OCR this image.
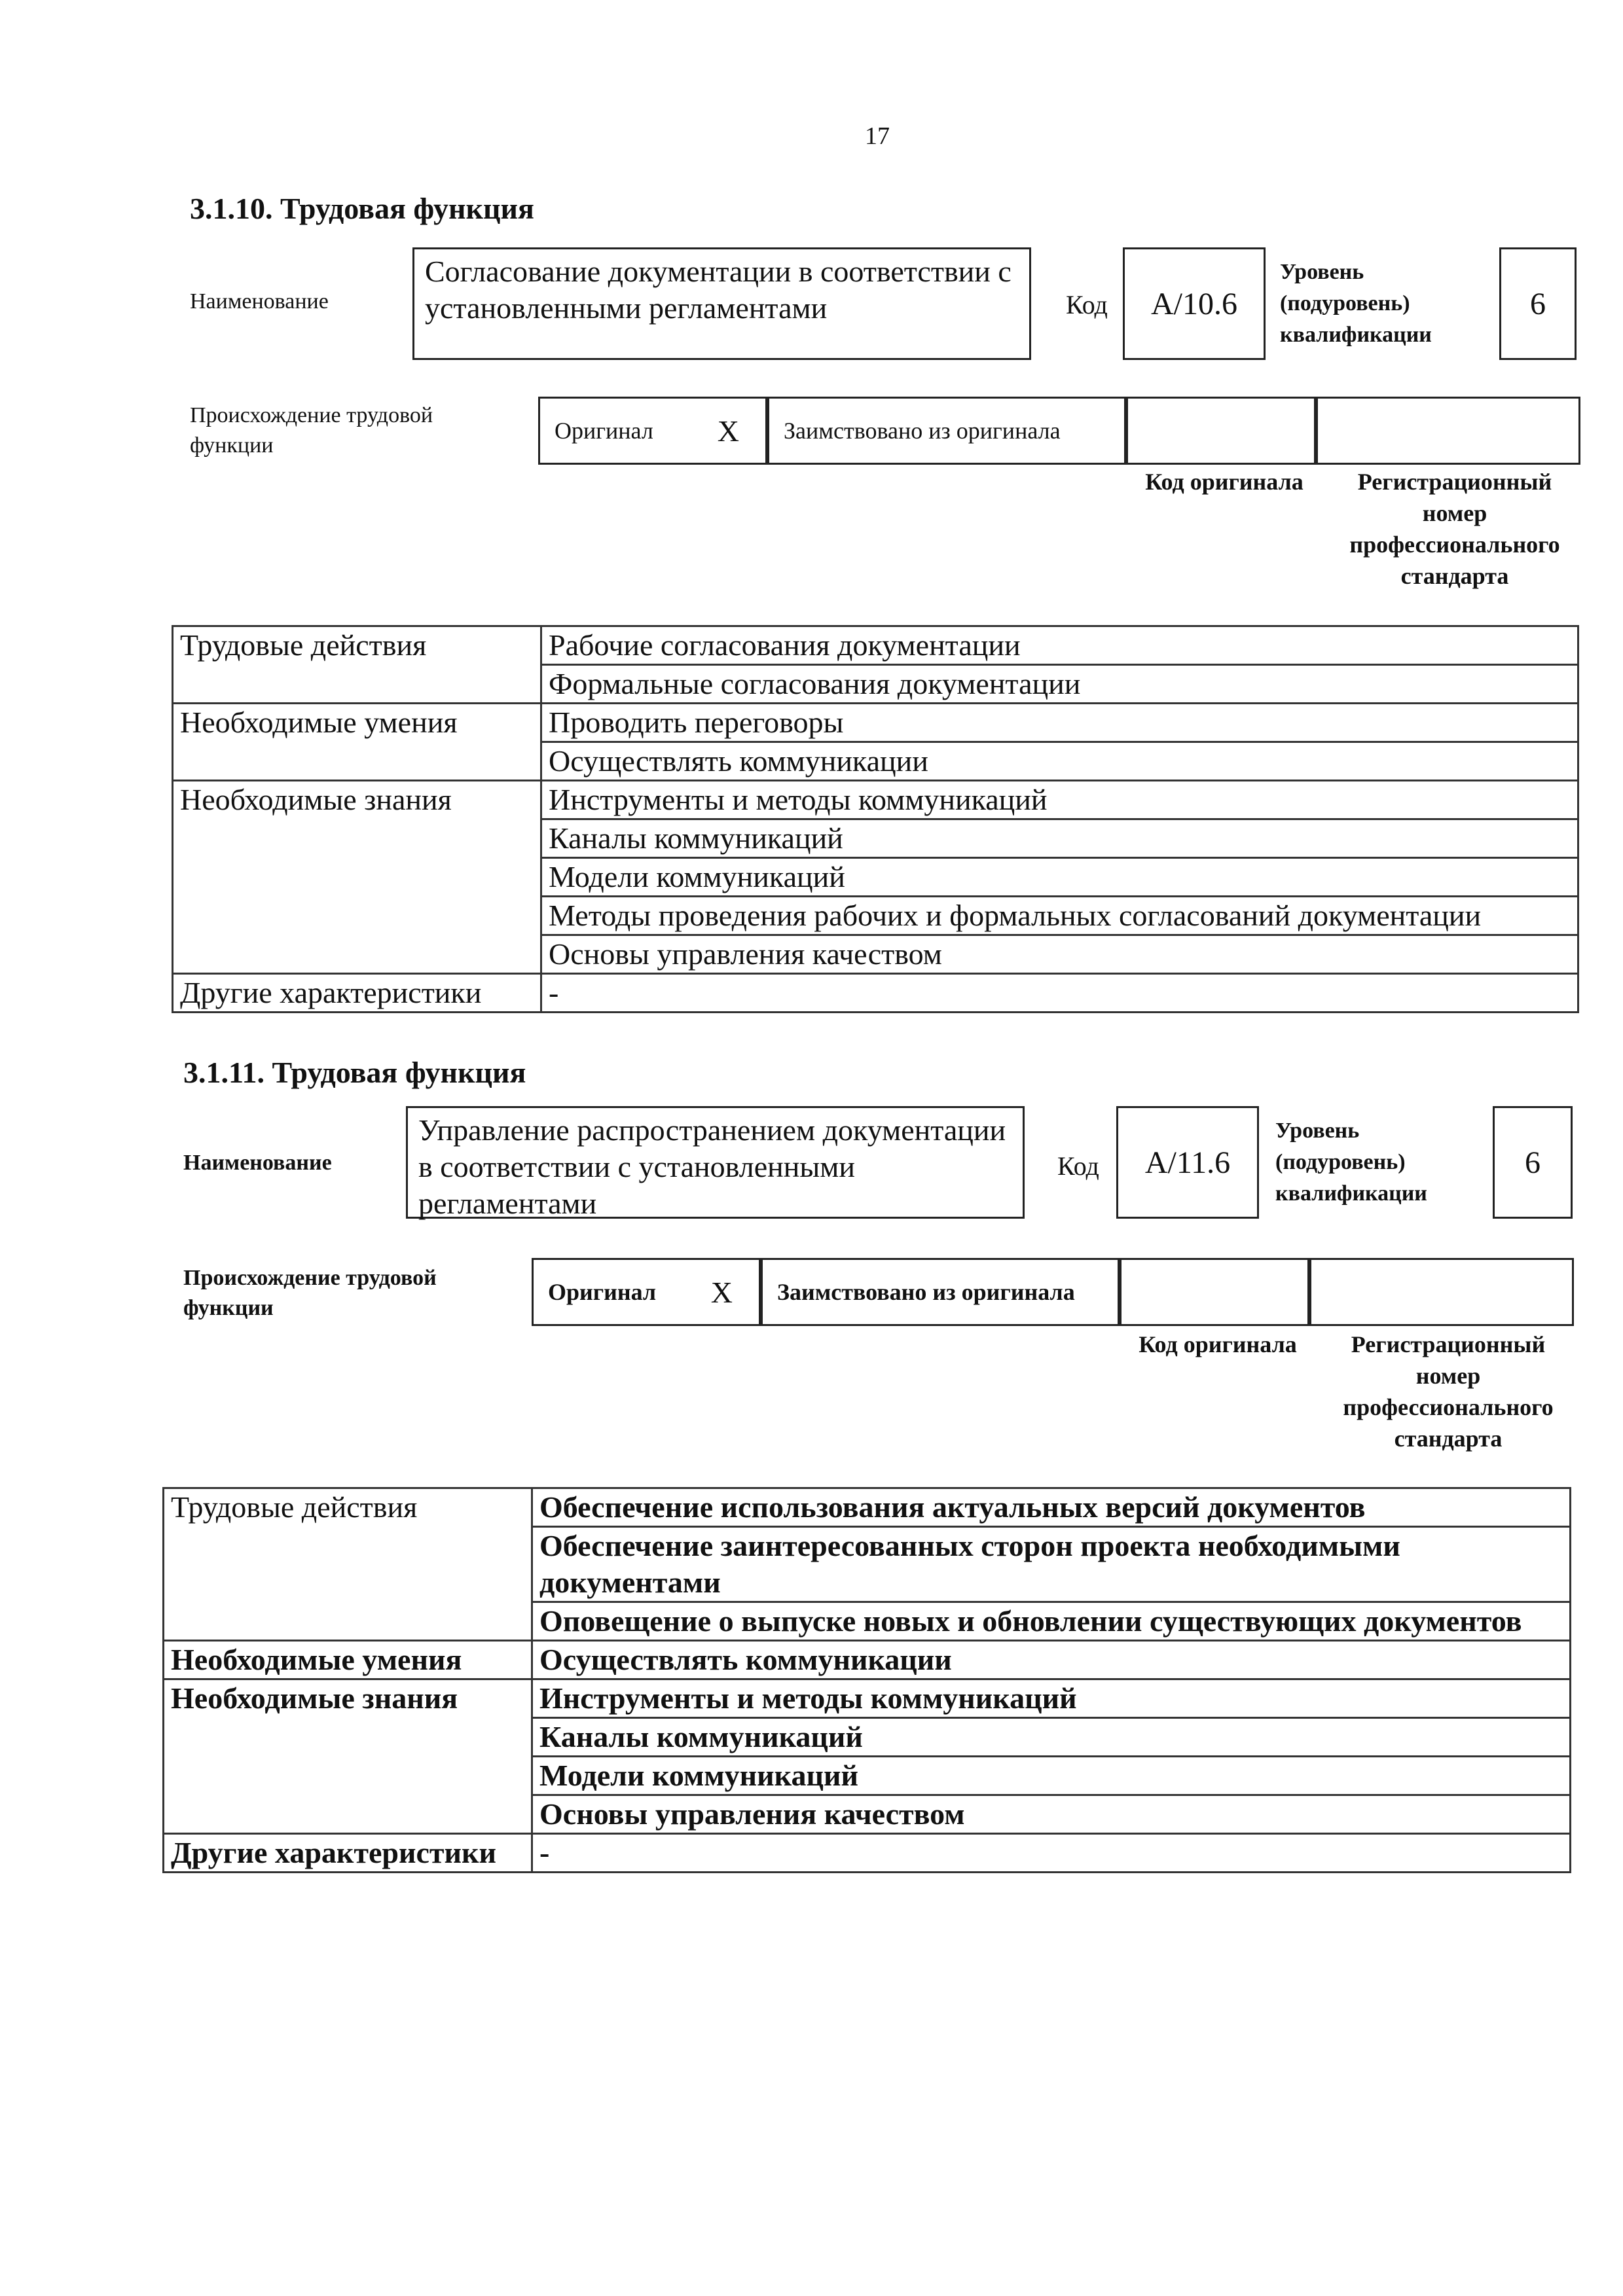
17
3.1.10. Трудовая функция
Наименование
Согласование документации в соответствии с установленными регламентами	Код А/10.6
Уровень (подуровень) квалификации
6
Происхождение трудовой функции
Оригинал X Заимствовано из оригинала
Код оригинала	Регистрационный номер профессионального стандарта
Трудовые действия	Рабочие согласования документации
	Формальные согласования документации
Необходимые умения	Проводить переговоры
	Осуществлять коммуникации
Необходимые знания	Инструменты и методы коммуникаций
	Каналы коммуникаций
	Модели коммуникаций
	Методы проведения рабочих и формальных согласований документации
	Основы управления качеством
Другие характеристики	-
3.1.11. Трудовая функция
Наименование
Управление распространением документации в соответствии с установленными регламентами
Код А/11.6
Уровень (подуровень) квалификации
6
Происхождение трудовой функции
Оригинал X Заимствовано из оригинала
Код оригинала	Регистрационный номер профессионального стандарта
Трудовые действия	Обеспечение использования актуальных версий документов
	Обеспечение заинтересованных сторон проекта необходимыми документами
	Оповещение о выпуске новых и обновлении существующих документов
Необходимые умения	Осуществлять коммуникации
Необходимые знания	Инструменты и методы коммуникаций
	Каналы коммуникаций
	Модели коммуникаций
	Основы управления качеством
Другие характеристики	-
